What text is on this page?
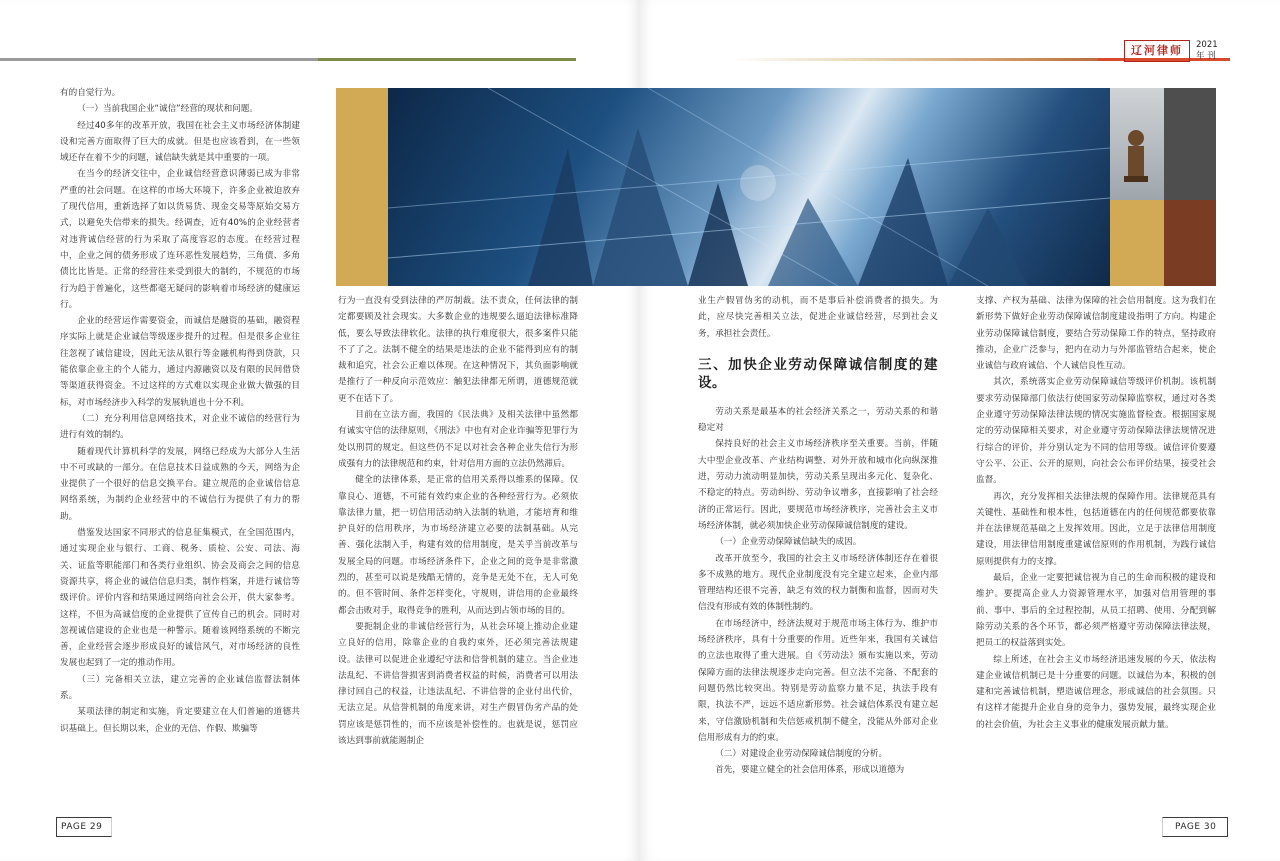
辽河律师	2021
年 刊

有的自觉行为。

（一）当前我国企业“诚信”经营的现状和问题。

经过40多年的改革开放，我国在社会主义市场经济体制建设和完善方面取得了巨大的成就。但是也应该看到，在一些领域还存在着不少的问题，诚信缺失就是其中重要的一项。

在当今的经济交往中，企业诚信经营意识薄弱已成为非常严重的社会问题。在这样的市场大环境下，许多企业被迫放弃了现代信用，重新选择了如以货易货、现金交易等原始交易方式，以避免失信带来的损失。经调查，近有40%的企业经营者对违背诚信经营的行为采取了高度容忍的态度。在经营过程中，企业之间的债务形成了连环恶性发展趋势，三角债、多角债比比皆是。正常的经营往来受到很大的制约，不规范的市场行为趋于普遍化，这些都毫无疑问的影响着市场经济的健康运行。

企业的经营运作需要资金，而诚信是融资的基础，融资程序实际上就是企业诚信等级逐步提升的过程。但是很多企业往往忽视了诚信建设，因此无法从银行等金融机构得到贷款，只能依靠企业主的个人能力，通过内源融资以及有限的民间借贷等渠道获得资金。不过这样的方式难以实现企业做大做强的目标，对市场经济步入科学的发展轨道也十分不利。

（二）充分利用信息网络技术，对企业不诚信的经营行为进行有效的制约。

随着现代计算机科学的发展，网络已经成为大部分人生活中不可或缺的一部分。在信息技术日益成熟的今天，网络为企业提供了一个很好的信息交换平台。建立规范的企业诚信信息网络系统，为制约企业经营中的不诚信行为提供了有力的帮助。

借鉴发达国家不同形式的信息征集模式，在全国范围内，通过实现企业与银行、工商、税务、质检、公安、司法、海关、证监等职能部门和各类行业组织、协会及商会之间的信息资源共享，将企业的诚信信息归类，制作档案，并进行诚信等级评价。评价内容和结果通过网络向社会公开，供大家参考。这样，不但为高诚信度的企业提供了宣传自己的机会。同时对忽视诚信建设的企业也是一种警示。随着该网络系统的不断完善，企业经营会逐步形成良好的诚信风气，对市场经济的良性发展也起到了一定的推动作用。

（三）完备相关立法，建立完善的企业诚信监督法制体系。

某项法律的制定和实施，肯定要建立在人们普遍的道德共识基础上。但长期以来，企业的无信、作假、欺骗等

行为一直没有受到法律的严厉制裁。法不责众，任何法律的制定都要顾及社会现实。大多数企业的违规要么逼迫法律标准降低，要么导致法律软化。法律的执行难度很大，很多案件只能不了了之。法制不健全的结果是违法的企业不能得到应有的制裁和追究，社会公正难以体现。在这种情况下，其负面影响就是推行了一种反向示范效应：触犯法律都无所谓，道德规范就更不在话下了。

目前在立法方面，我国的《民法典》及相关法律中虽然都有诚实守信的法律原则，《刑法》中也有对企业诈骗等犯罪行为处以刑罚的规定。但这些仍不足以对社会各种企业失信行为形成强有力的法律规范和约束，针对信用方面的立法仍然滞后。

健全的法律体系，是正常的信用关系得以维系的保障。仅靠良心、道德，不可能有效约束企业的各种经营行为。必须依靠法律力量，把一切信用活动纳入法制的轨道，才能培育和维护良好的信用秩序，为市场经济建立必要的法制基础。从完善、强化法制入手，构建有效的信用制度，是关乎当前改革与发展全局的问题。市场经济条件下，企业之间的竞争是非常激烈的，甚至可以说是残酷无情的，竞争是无处不在，无人可免的。但不管时间、条件怎样变化，守规则，讲信用的企业最终都会击败对手，取得竞争的胜利，从而达到占领市场的目的。

要扼制企业的非诚信经营行为，从社会环境上推动企业建立良好的信用，除靠企业的自我约束外，还必须完善法规建设。法律可以促进企业遵纪守法和信誉机制的建立。当企业违法乱纪、不讲信誉损害到消费者权益的时候，消费者可以用法律讨回自己的权益，让违法乱纪、不讲信誉的企业付出代价，无法立足。从信誉机制的角度来讲，对生产假冒伪劣产品的处罚应该是惩罚性的，而不应该是补偿性的。也就是说，惩罚应该达到事前就能遏制企

业生产假冒伪劣的动机，而不是事后补偿消费者的损失。为此，应尽快完善相关立法，促进企业诚信经营，尽到社会义务，承担社会责任。

三、加快企业劳动保障诚信制度的建设。

劳动关系是最基本的社会经济关系之一，劳动关系的和谐稳定对

保持良好的社会主义市场经济秩序至关重要。当前，伴随大中型企业改革、产业结构调整、对外开放和城市化向纵深推进，劳动力流动明显加快，劳动关系呈现出多元化、复杂化、不稳定的特点。劳动纠纷、劳动争议增多，直接影响了社会经济的正常运行。因此，要规范市场经济秩序，完善社会主义市场经济体制，就必须加快企业劳动保障诚信制度的建设。

（一）企业劳动保障诚信缺失的成因。

改革开放至今，我国的社会主义市场经济体制还存在着很多不成熟的地方。现代企业制度没有完全建立起来，企业内部管理结构还很不完善，缺乏有效的权力制衡和监督，因而对失信没有形成有效的体制性制约。

在市场经济中，经济法规对于规范市场主体行为、维护市场经济秩序，具有十分重要的作用。近些年来，我国有关诚信的立法也取得了重大进展。自《劳动法》颁布实施以来，劳动保障方面的法律法规逐步走向完善。但立法不完备、不配套的问题仍然比较突出。特别是劳动监察力量不足，执法手段有限，执法不严，远远不适应新形势。社会诚信体系没有建立起来，守信激励机制和失信惩戒机制不健全，没能从外部对企业信用形成有力的约束。

（二）对建设企业劳动保障诚信制度的分析。

首先，要建立健全的社会信用体系，形成以道德为

支撑、产权为基础、法律为保障的社会信用制度。这为我们在新形势下做好企业劳动保障诚信制度建设指明了方向。构建企业劳动保障诚信制度，要结合劳动保障工作的特点，坚持政府推动，企业广泛参与，把内在动力与外部监管结合起来，使企业诚信与政府诚信、个人诚信良性互动。

其次，系统落实企业劳动保障诚信等级评价机制。该机制要求劳动保障部门依法行使国家劳动保障监察权，通过对各类企业遵守劳动保障法律法规的情况实施监督检查。根据国家规定的劳动保障相关要求，对企业遵守劳动保障法律法规情况进行综合的评价，并分别认定为不同的信用等级。诚信评价要遵守公平、公正、公开的原则，向社会公布评价结果，接受社会监督。

再次，充分发挥相关法律法规的保障作用。法律规范具有关键性、基础性和根本性，包括道德在内的任何规范都要依靠并在法律规范基础之上发挥效用。因此，立足于法律信用制度建设，用法律信用制度重建诚信原则的作用机制，为践行诚信原则提供有力的支撑。

最后，企业一定要把诚信视为自己的生命而积极的建设和维护。要提高企业人力资源管理水平，加强对信用管理的事前、事中、事后的全过程控制，从员工招聘、使用、分配到解除劳动关系的各个环节，都必须严格遵守劳动保障法律法规，把员工的权益落到实处。

综上所述，在社会主义市场经济迅速发展的今天，依法构建企业诚信机制已是十分重要的问题。以诚信为本，积极的创建和完善诚信机制，塑造诚信理念，形成诚信的社会氛围。只有这样才能提升企业自身的竞争力，强势发展，最终实现企业的社会价值，为社会主义事业的健康发展贡献力量。

PAGE 29	PAGE 30
